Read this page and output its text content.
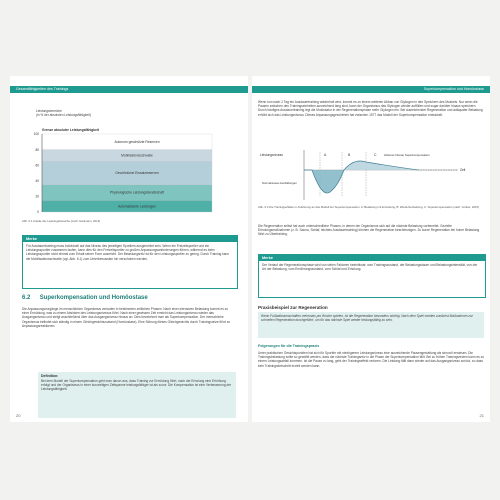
Gesamtfähigkeiten des Trainings
Leistungsbereiche
(in % der absoluten Leistungsfähigkeit)
Grenze absoluter Leistungsfähigkeit
Autonom geschützte Reserven
Mobilisationsschwelle
Gewöhnliche Einsatzreserven
Physiologische Leistungsbereitschaft
Automatisierte Leistungen
100
80
60
40
20
0
Abb. 6.1 Anteile der Leistungsbereiche (nach: Hartmann, 2013)
Merke
Für Ausdauertraining muss individuell auf das Niveau des jeweiligen Sportlers ausgerichtet sein. Wenn ein Freizeitsportler und ein Leistungssportler zusammen laufen, kann dies für den Freizeitsportler zu großen Anpassungsanforderungen führen, während es beim Leistungssportler nicht einmal zum Erhalt seiner Form ausreicht. Der Belastungsreiz ist für den Leistungssportler zu gering. Durch Training kann die Mobilisationsschwelle (vgl. Abb. 6.1) zum Unterbewussten hin verschoben werden.
6.2 Superkompensation und Homöostase
Die Anpassungsvorgänge im menschlichen Organismus verlaufen in bestimmten zeitlichen Phasen. Nach einer intensiven Belastung kommt es zu einer Ermüdung, was zu einem Absinken des Leistungsniveaus führt. Nach einer gewissen Zeit erreicht das Leistungsniveau wieder das Ausgangsniveau und steigt anschließend über das Ausgangsniveau hinaus an. Dies bezeichnet man als Superkompensation. Der menschliche Organismus befindet sich ständig in einem Gleichgewichtszustand (Homöostase). Eine Störung dieses Gleichgewichts durch Trainingsreize führt zu Anpassungsreaktionen.
Definition:
Bei dem Modell der Superkompensation geht man davon aus, dass Training zur Ermüdung führt, nach der Erholung eine Erhöhung erfolgt und der Organismus in einer kurzzeitigen Zeitspanne leistungsfähiger ist als zuvor. Die Kompensation ist eine Verbesserung der Leistungsfähigkeit.
20
Superkompensation und Homöostase
Wenn nun nach 1 Tag ein Ausdauertraining wiederholt wird, kommt es zu einem weiteren Abbau von Glykogen in den Speichern des Muskels. Nur wenn die Pausen zwischen den Trainingseinheiten ausreichend lang sind, kann der Organismus das Glykogen wieder auffüllen und sogar darüber hinaus speichern. Durch häufiges Ausdauertraining legt die Muskulatur in der Regenerationsphase mehr Glykogen ein. Bei ausreichender Regeneration und adäquater Belastung erhöht sich das Leistungsniveau. Dieses Anpassungsgeschehen hat zwischen 1977 das Modell der Superkompensation entwickelt.
Leistungsniveau	A	B	C	Höheres Niveau Superkompensation
Zeit
Normalniveau Ausbildungen
Abb. 6.2 Die Trainingseffekte in Anlehnung an das Modell der Superkompensation. A: Belastung mit Ermüdung, B: Wiederherstellung, C: Superkompensation (nach: Gruber, 2015)
Die Regeneration selbst hat auch unterschiedliche Phasen, in denen der Organismus sich auf die nächste Belastung vorbereitet. Gezielte Erholungsmaßnahmen (z. B. Sauna, Schlaf, leichtes Ausdauertraining) können die Regeneration beschleunigen. Zu kurze Regeneration bei hoher Belastung führt zu Übertraining.
Merke
Der Verlauf der Regenerationsphase wird von vielen Faktoren beeinflusst: vom Trainingszustand, der Belastungsdauer und Belastungsintensität, von der Art der Belastung, vom Ernährungszustand, vom Schlaf und Erholung.
Praxisbeispiel zur Regeneration
Wenn Fußballmannschaften mehrmals pro Woche spielen, ist die Regeneration besonders wichtig. Nach dem Spiel werden zunächst Maßnahmen zur schnellen Regeneration durchgeführt, um für das nächste Spiel wieder leistungsfähig zu sein.
Folgerungen für die Trainingspraxis
Unter praktischen Gesichtspunkten hat sich für Sportler mit niedrigerem Leistungsniveau eine ausreichende Pausengestaltung als sinnvoll erwiesen. Die Trainingsbelastung sollte so gewählt werden, dass der nächste Trainingsreiz in die Phase der Superkompensation fällt. Bei zu frühen Trainingsreizen kann es zu einem Leistungsabfall kommen. Ist die Pause zu lang, geht der Trainingseffekt verloren. Die Leistung fällt dann wieder auf das Ausgangsniveau zurück, so dass kein Trainingsfortschritt erzielt werden kann.
21
